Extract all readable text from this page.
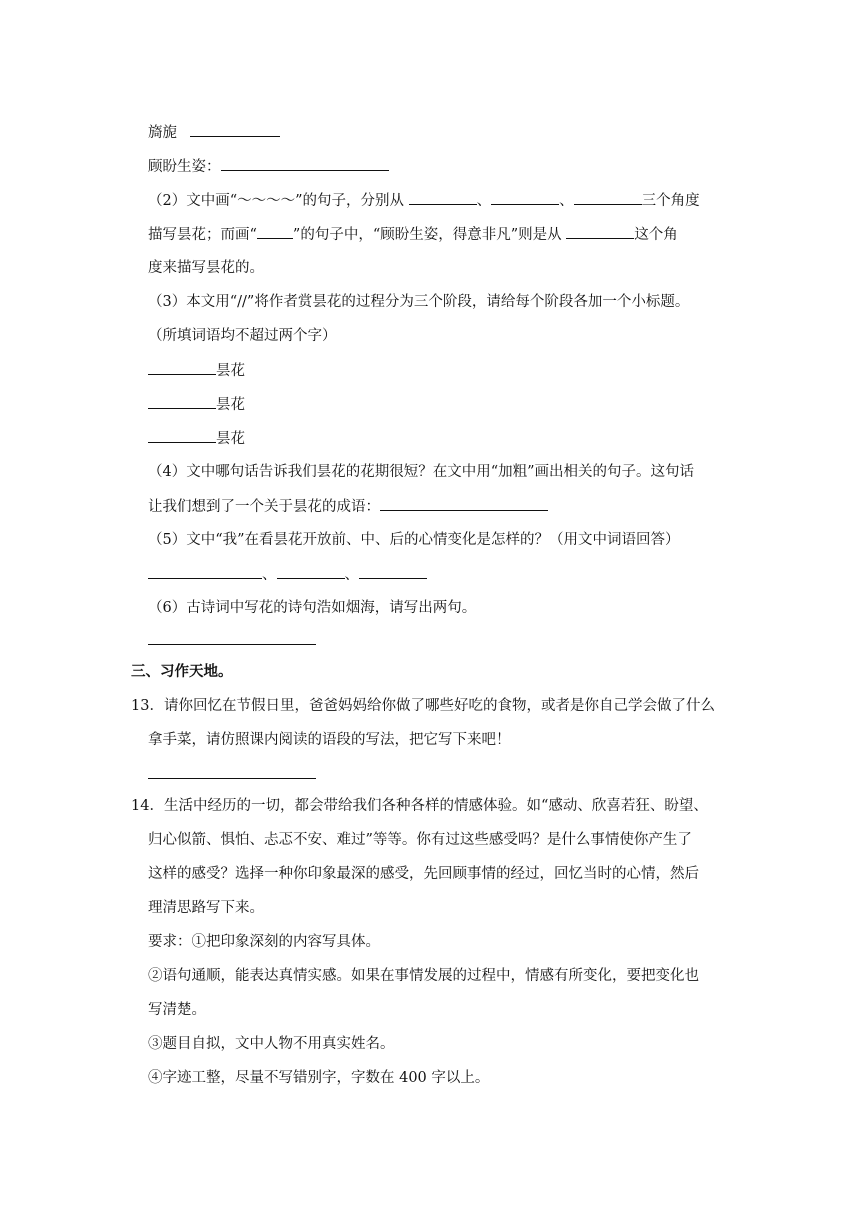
旖旎
顾盼生姿：
（2）文中画“～～～～”的句子，分别从	、	、	三个角度
描写昙花；而画“ ”的句子中，“顾盼生姿，得意非凡”则是从	这个角
度来描写昙花的。
（3）本文用“//”将作者赏昙花的过程分为三个阶段，请给每个阶段各加一个小标题。
（所填词语均不超过两个字）
昙花
昙花
昙花
（4）文中哪句话告诉我们昙花的花期很短？在文中用“加粗”画出相关的句子。这句话
让我们想到了一个关于昙花的成语：
（5）文中“我”在看昙花开放前、中、后的心情变化是怎样的？（用文中词语回答）
、	、
（6）古诗词中写花的诗句浩如烟海，请写出两句。
三、习作天地。
13．请你回忆在节假日里，爸爸妈妈给你做了哪些好吃的食物，或者是你自己学会做了什么
拿手菜，请仿照课内阅读的语段的写法，把它写下来吧！
14．生活中经历的一切，都会带给我们各种各样的情感体验。如“感动、欣喜若狂、盼望、
归心似箭、惧怕、忐忑不安、难过”等等。你有过这些感受吗？是什么事情使你产生了
这样的感受？选择一种你印象最深的感受，先回顾事情的经过，回忆当时的心情，然后
理清思路写下来。
要求：①把印象深刻的内容写具体。
②语句通顺，能表达真情实感。如果在事情发展的过程中，情感有所变化，要把变化也
写清楚。
③题目自拟，文中人物不用真实姓名。
④字迹工整，尽量不写错别字，字数在 400 字以上。
